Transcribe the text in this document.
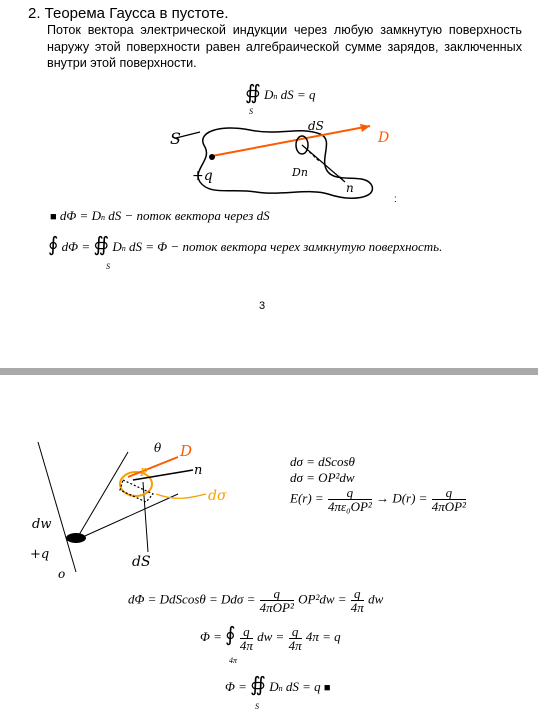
2. Теорема Гаусса в пустоте.
Поток вектора электрической индукции через любую замкнутую поверхность наружу этой поверхности равен алгебраической сумме зарядов, заключенных внутри этой поверхности.
∯ Dn dS = q
S
S
dS
D
Dn
n
+q
:
■ dΦ = Dn dS − поток вектора через dS
∮ dΦ = ∯ Dn dS = Φ − поток вектора черех замкнутую поверхность.
S
3
θ D
n
P
dσ
dw
+q
o
dS
dσ = dScosθ
dσ = OP²dw
$E(r) = \frac{q}{\text{4πε₀OP²}} \to D(r) = \frac{q}{\text{4πOP²}}$
$d\Phi = DdScos\theta = Dd\sigma = \frac{q}{\text{4πOP²}} OP^2dw = \frac{q}{4\pi}$ dw
Φ = ∮ $\frac{q}{4\pi}$ dw = $\frac{q}{4\pi} 4\pi = q$
4π
Φ = ∯ Dn dS = q ■
S
